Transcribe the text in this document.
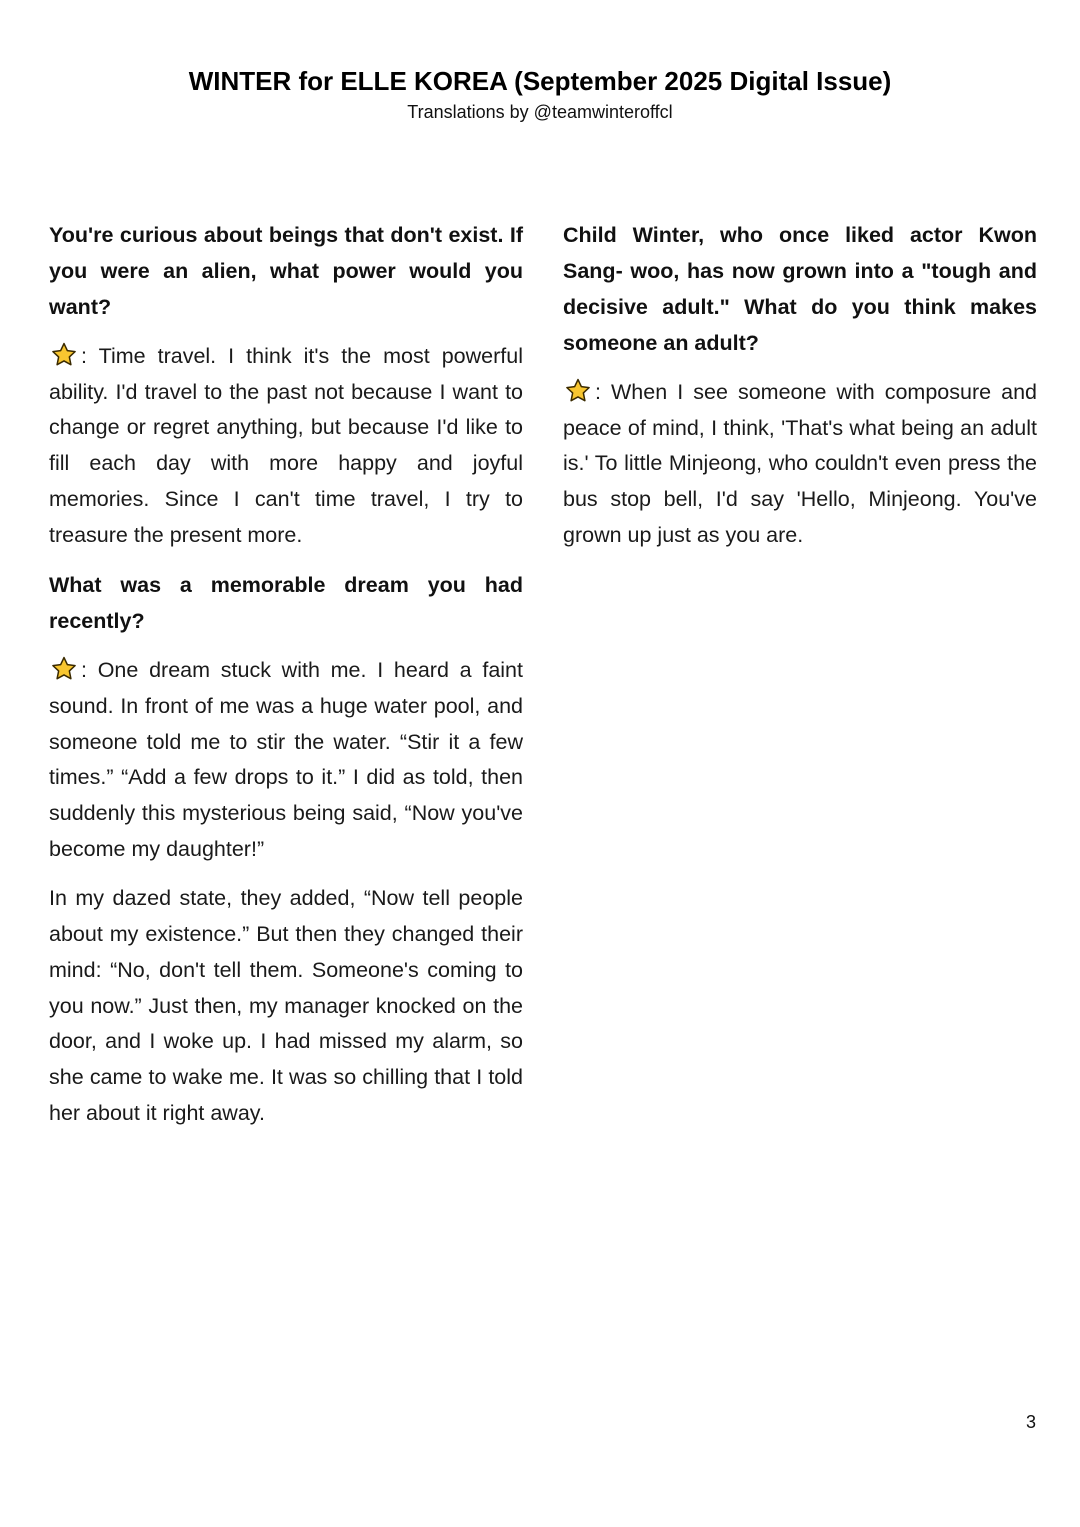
WINTER for ELLE KOREA (September 2025 Digital Issue)

Translations by @teamwinteroffcl

You're curious about beings that don't exist. If you were an alien, what power would you want?

: Time travel. I think it's the most powerful ability. I'd travel to the past not because I want to change or regret anything, but because I'd like to fill each day with more happy and joyful memories. Since I can't time travel, I try to treasure the present more.

What was a memorable dream you had recently?

: One dream stuck with me. I heard a faint sound. In front of me was a huge water pool, and someone told me to stir the water. “Stir it a few times.” “Add a few drops to it.” I did as told, then suddenly this mysterious being said, “Now you've become my daughter!”

In my dazed state, they added, “Now tell people about my existence.” But then they changed their mind: “No, don't tell them. Someone's coming to you now.” Just then, my manager knocked on the door, and I woke up. I had missed my alarm, so she came to wake me. It was so chilling that I told her about it right away.

Child Winter, who once liked actor Kwon Sang- woo, has now grown into a "tough and decisive adult." What do you think makes someone an adult?

: When I see someone with composure and peace of mind, I think, 'That's what being an adult is.' To little Minjeong, who couldn't even press the bus stop bell, I'd say 'Hello, Minjeong. You've grown up just as you are.

3
